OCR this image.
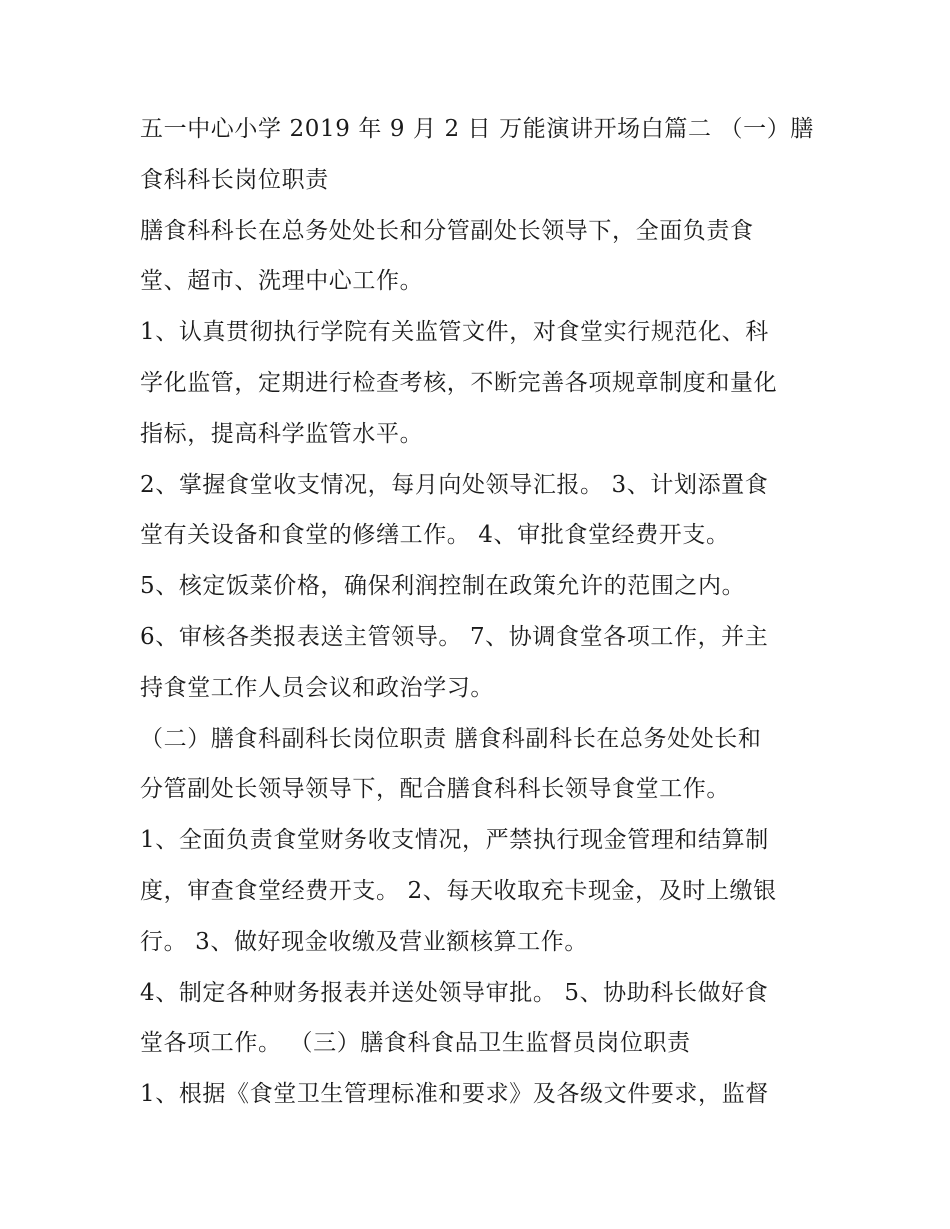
五一中心小学 2019 年 9 月 2 日 万能演讲开场白篇二 （一）膳
食科科长岗位职责
膳食科科长在总务处处长和分管副处长领导下，全面负责食
堂、超市、洗理中心工作。
1、认真贯彻执行学院有关监管文件，对食堂实行规范化、科
学化监管，定期进行检查考核，不断完善各项规章制度和量化
指标，提高科学监管水平。
2、掌握食堂收支情况，每月向处领导汇报。 3、计划添置食
堂有关设备和食堂的修缮工作。 4、审批食堂经费开支。
5、核定饭菜价格，确保利润控制在政策允许的范围之内。
6、审核各类报表送主管领导。 7、协调食堂各项工作，并主
持食堂工作人员会议和政治学习。
（二）膳食科副科长岗位职责 膳食科副科长在总务处处长和
分管副处长领导领导下，配合膳食科科长领导食堂工作。
1、全面负责食堂财务收支情况，严禁执行现金管理和结算制
度，审查食堂经费开支。 2、每天收取充卡现金，及时上缴银
行。 3、做好现金收缴及营业额核算工作。
4、制定各种财务报表并送处领导审批。 5、协助科长做好食
堂各项工作。 （三）膳食科食品卫生监督员岗位职责
1、根据《食堂卫生管理标准和要求》及各级文件要求，监督
